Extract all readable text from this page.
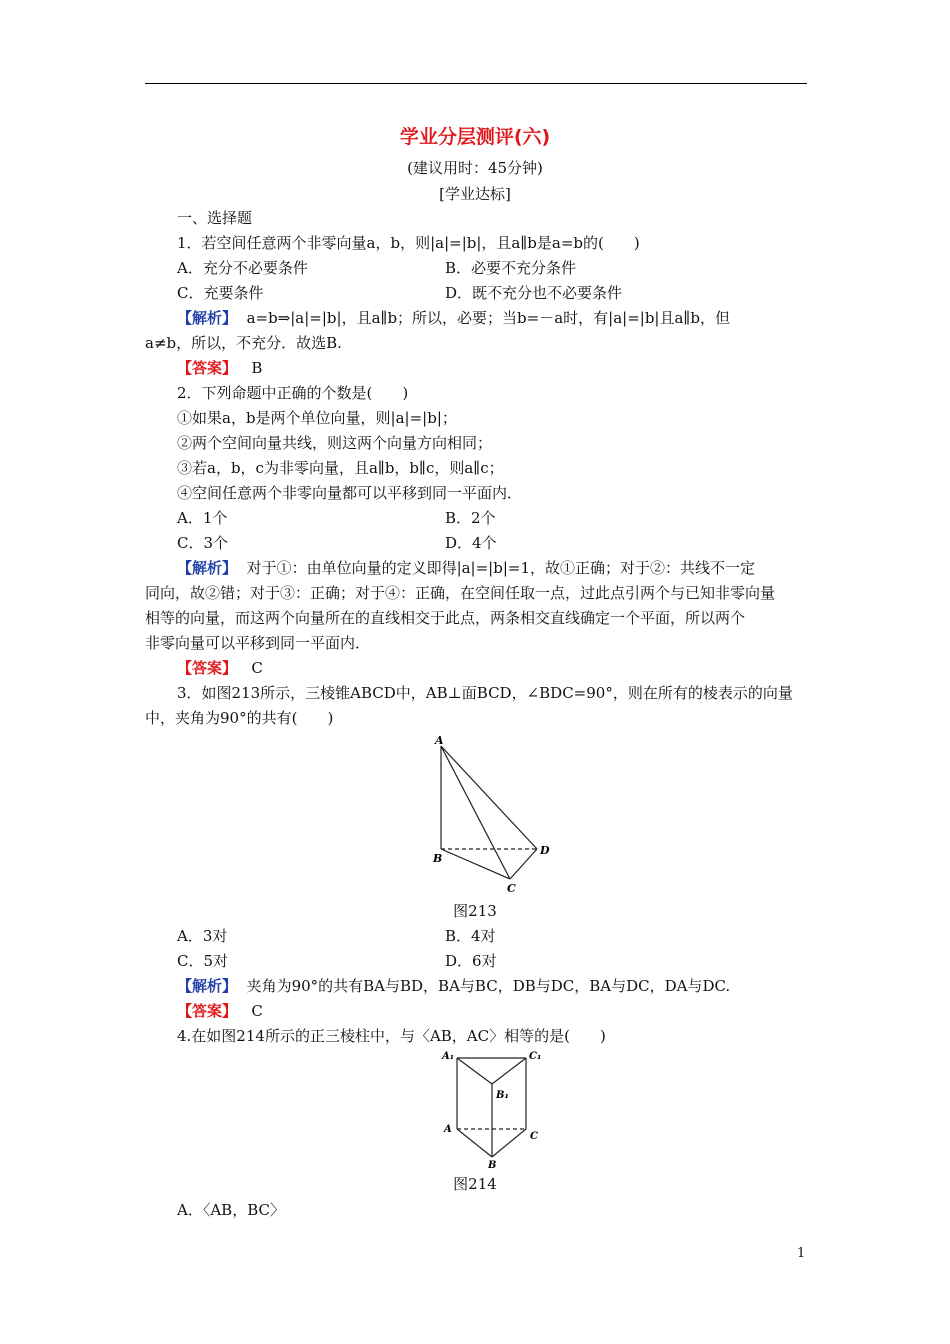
学业分层测评(六)
(建议用时：45分钟)
[学业达标]
一、选择题
1．若空间任意两个非零向量a，b，则|a|=|b|，且a∥b是a=b的(　　)
A．充分不必要条件	B．必要不充分条件
C．充要条件	D．既不充分也不必要条件
【解析】 a=b⇒|a|=|b|，且a∥b；所以，必要；当b=－a时，有|a|=|b|且a∥b，但
a≠b，所以，不充分．故选B.
【答案】 B
2．下列命题中正确的个数是(　　)
①如果a，b是两个单位向量，则|a|=|b|；
②两个空间向量共线，则这两个向量方向相同；
③若a，b，c为非零向量，且a∥b，b∥c，则a∥c；
④空间任意两个非零向量都可以平移到同一平面内．
A．1个	B．2个
C．3个	D．4个
【解析】 对于①：由单位向量的定义即得|a|=|b|=1，故①正确；对于②：共线不一定
同向，故②错；对于③：正确；对于④：正确，在空间任取一点，过此点引两个与已知非零向量
相等的向量，而这两个向量所在的直线相交于此点，两条相交直线确定一个平面，所以两个
非零向量可以平移到同一平面内．
【答案】 C
3．如图213所示，三棱锥ABCD中，AB⊥面BCD，∠BDC=90°，则在所有的棱表示的向量
中，夹角为90°的共有(　　)
A
B
C
D
图213
A．3对	B．4对
C．5对	D．6对
【解析】 夹角为90°的共有BA与BD，BA与BC，DB与DC，BA与DC，DA与DC.
【答案】 C
4.在如图214所示的正三棱柱中，与〈AB，AC〉相等的是(　　)
A₁	C₁
B₁
A
C
B
图214
A．〈AB，BC〉
1
